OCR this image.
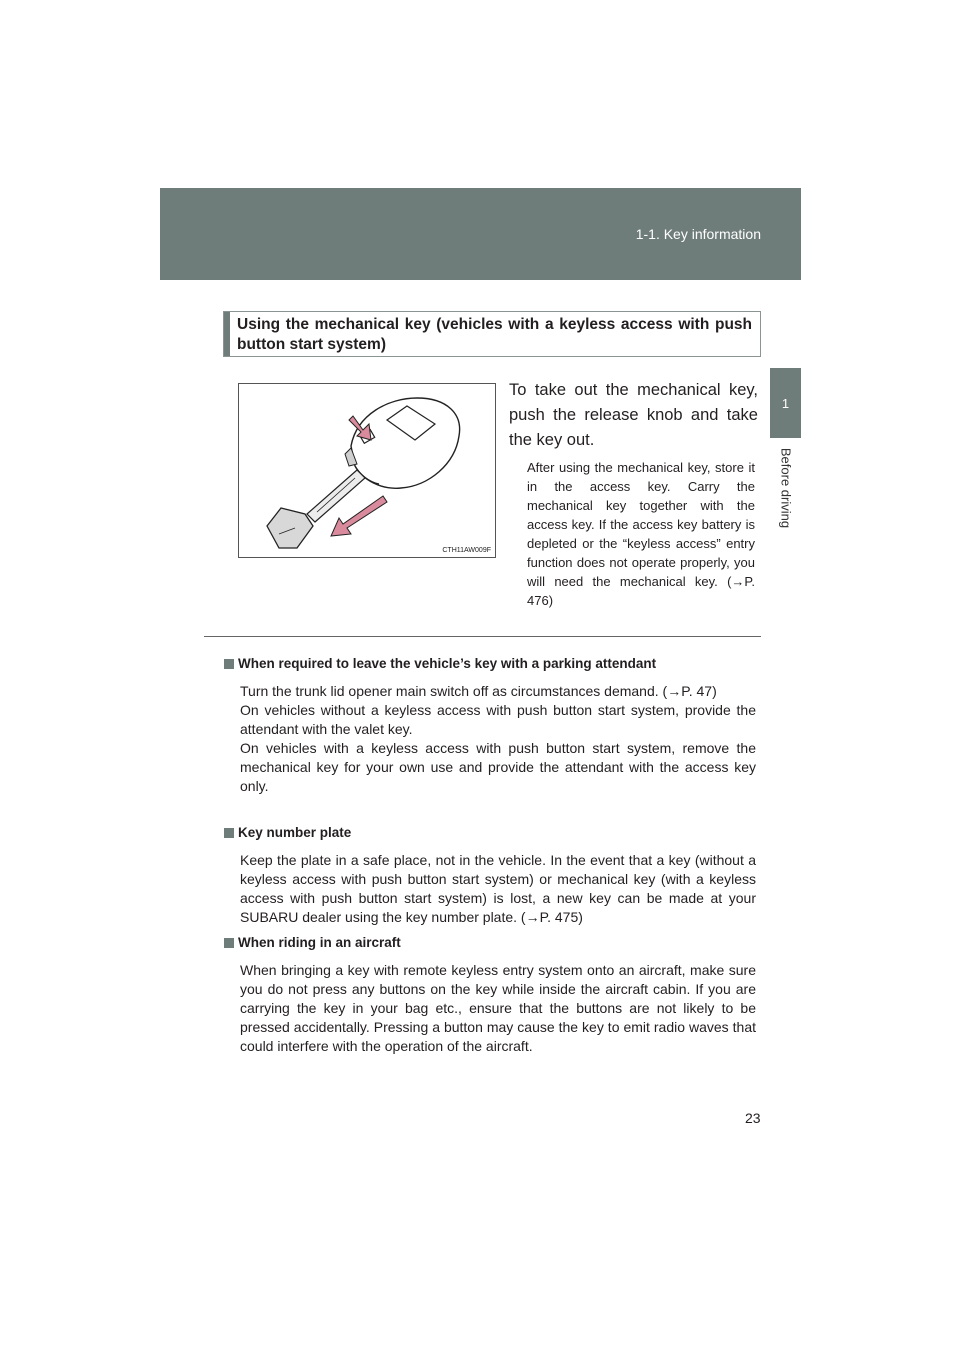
1-1. Key information
1
Before driving
Using the mechanical key (vehicles with a keyless access with push button start system)
CTH11AW009F
To take out the mechanical key, push the release knob and take the key out.
After using the mechanical key, store it in the access key. Carry the mechanical key together with the access key. If the access key battery is depleted or the “keyless access” entry function does not operate properly, you will need the mechanical key. (→P. 476)
When required to leave the vehicle’s key with a parking attendant

Turn the trunk lid opener main switch off as circumstances demand. (→P. 47)

On vehicles without a keyless access with push button start system, provide the attendant with the valet key.

On vehicles with a keyless access with push button start system, remove the mechanical key for your own use and provide the attendant with the access key only.

Key number plate

Keep the plate in a safe place, not in the vehicle. In the event that a key (without a keyless access with push button start system) or mechanical key (with a keyless access with push button start system) is lost, a new key can be made at your SUBARU dealer using the key number plate. (→P. 475)

When riding in an aircraft

When bringing a key with remote keyless entry system onto an aircraft, make sure you do not press any buttons on the key while inside the aircraft cabin. If you are carrying the key in your bag etc., ensure that the buttons are not likely to be pressed accidentally. Pressing a button may cause the key to emit radio waves that could interfere with the operation of the aircraft.

23
